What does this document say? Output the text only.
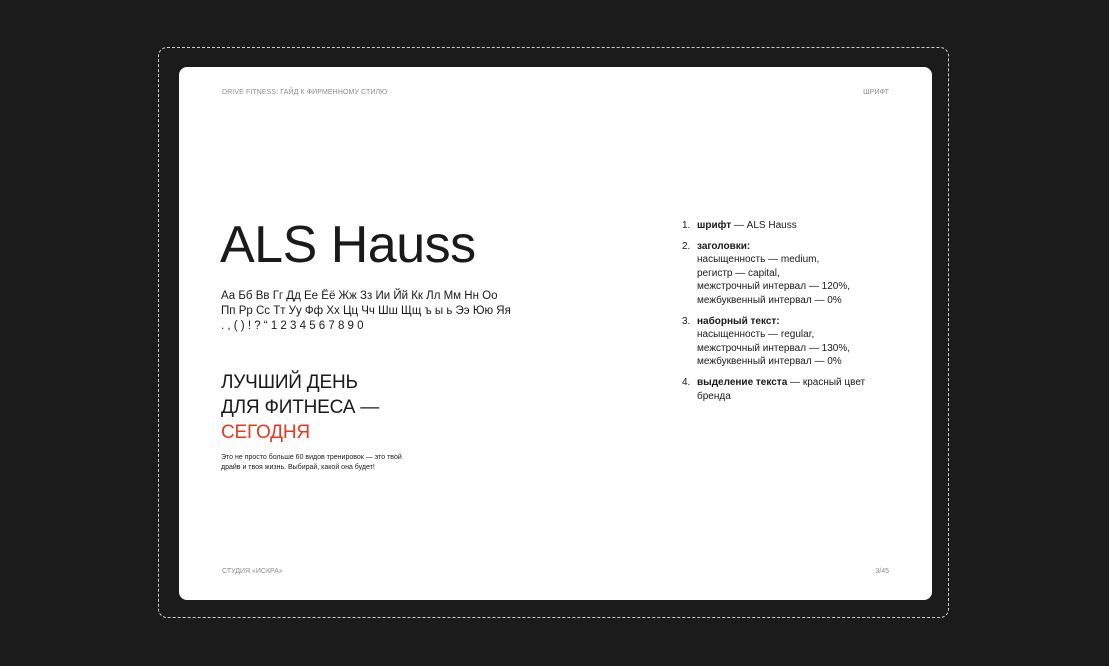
DRIVE FITNESS: ГАЙД К ФИРМЕННОМУ СТИЛЮ	ШРИФТ
ALS Hauss
Аа Бб Вв Гг Дд Ее Ёё Жж Зз Ии Йй Кк Лл Мм Нн Оо
Пп Рр Сс Тт Уу Фф Хх Цц Чч Шш Щщ ъ ы ь Ээ Юю Яя
. , ( ) ! ? “ 1 2 3 4 5 6 7 8 9 0
ЛУЧШИЙ ДЕНЬ
ДЛЯ ФИТНЕСА —
СЕГОДНЯ
Это не просто больше 60 видов тренировок — это твой драйв и твоя жизнь. Выбирай, какой она будет!
1. шрифт — ALS Hauss
2. заголовки:
насыщенность — medium,
регистр — capital,
межстрочный интервал — 120%,
межбуквенный интервал — 0%
3. наборный текст:
насыщенность — regular,
межстрочный интервал — 130%,
межбуквенный интервал — 0%
4. выделение текста — красный цвет бренда
СТУДИЯ «ИСКРА»	3/45
